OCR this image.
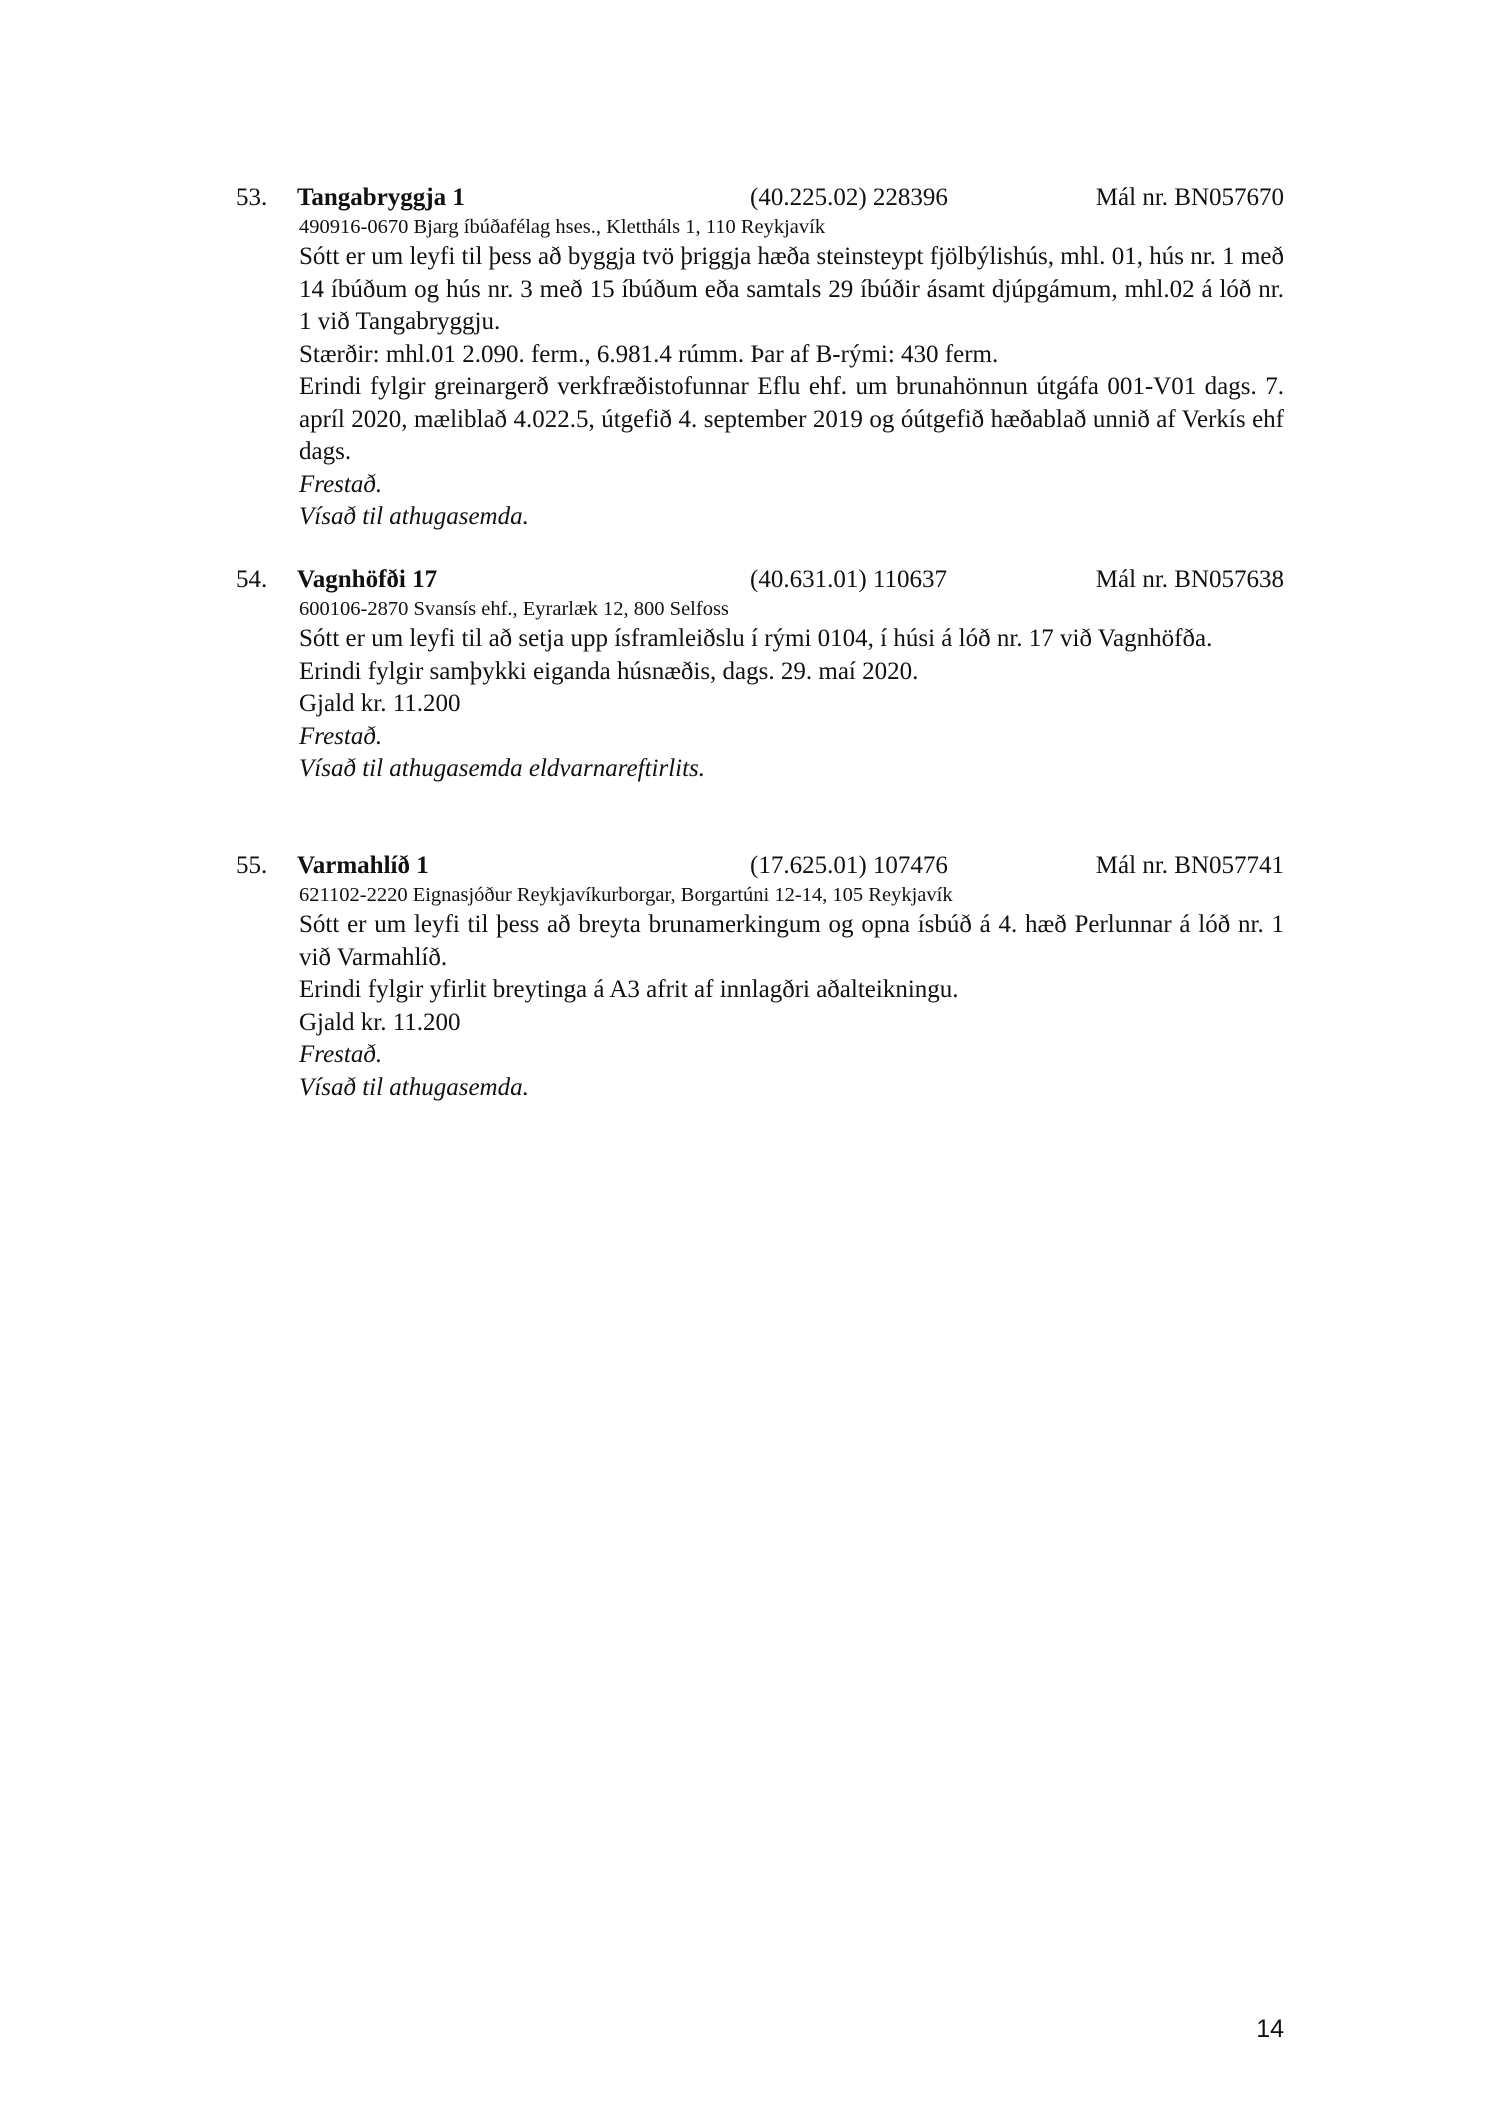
53. Tangabryggja 1	(40.225.02) 228396	Mál nr. BN057670
490916-0670 Bjarg íbúðafélag hses., Klettháls 1, 110 Reykjavík
Sótt er um leyfi til þess að byggja tvö þriggja hæða steinsteypt fjölbýlishús, mhl. 01, hús nr. 1 með 14 íbúðum og hús nr. 3 með 15 íbúðum eða samtals 29 íbúðir ásamt djúpgámum, mhl.02 á lóð nr. 1 við Tangabryggju.
Stærðir: mhl.01 2.090. ferm., 6.981.4 rúmm. Þar af B-rými: 430 ferm.
Erindi fylgir greinargerð verkfræðistofunnar Eflu ehf. um brunahönnun útgáfa 001-V01 dags. 7. apríl 2020, mæliblað 4.022.5, útgefið 4. september 2019 og óútgefið hæðablað unnið af Verkís ehf dags.
Frestað.
Vísað til athugasemda.
54. Vagnhöfði 17	(40.631.01) 110637	Mál nr. BN057638
600106-2870 Svansís ehf., Eyrarlæk 12, 800 Selfoss
Sótt er um leyfi til að setja upp ísframleiðslu í rými 0104, í húsi á lóð nr. 17 við Vagnhöfða.
Erindi fylgir samþykki eiganda húsnæðis, dags. 29. maí 2020.
Gjald kr. 11.200
Frestað.
Vísað til athugasemda eldvarnareftirlits.
55. Varmahlíð 1	(17.625.01) 107476	Mál nr. BN057741
621102-2220 Eignasjóður Reykjavíkurborgar, Borgartúni 12-14, 105 Reykjavík
Sótt er um leyfi til þess að breyta brunamerkingum og opna ísbúð á 4. hæð Perlunnar á lóð nr. 1 við Varmahlíð.
Erindi fylgir yfirlit breytinga á A3 afrit af innlagðri aðalteikningu.
Gjald kr. 11.200
Frestað.
Vísað til athugasemda.
14
